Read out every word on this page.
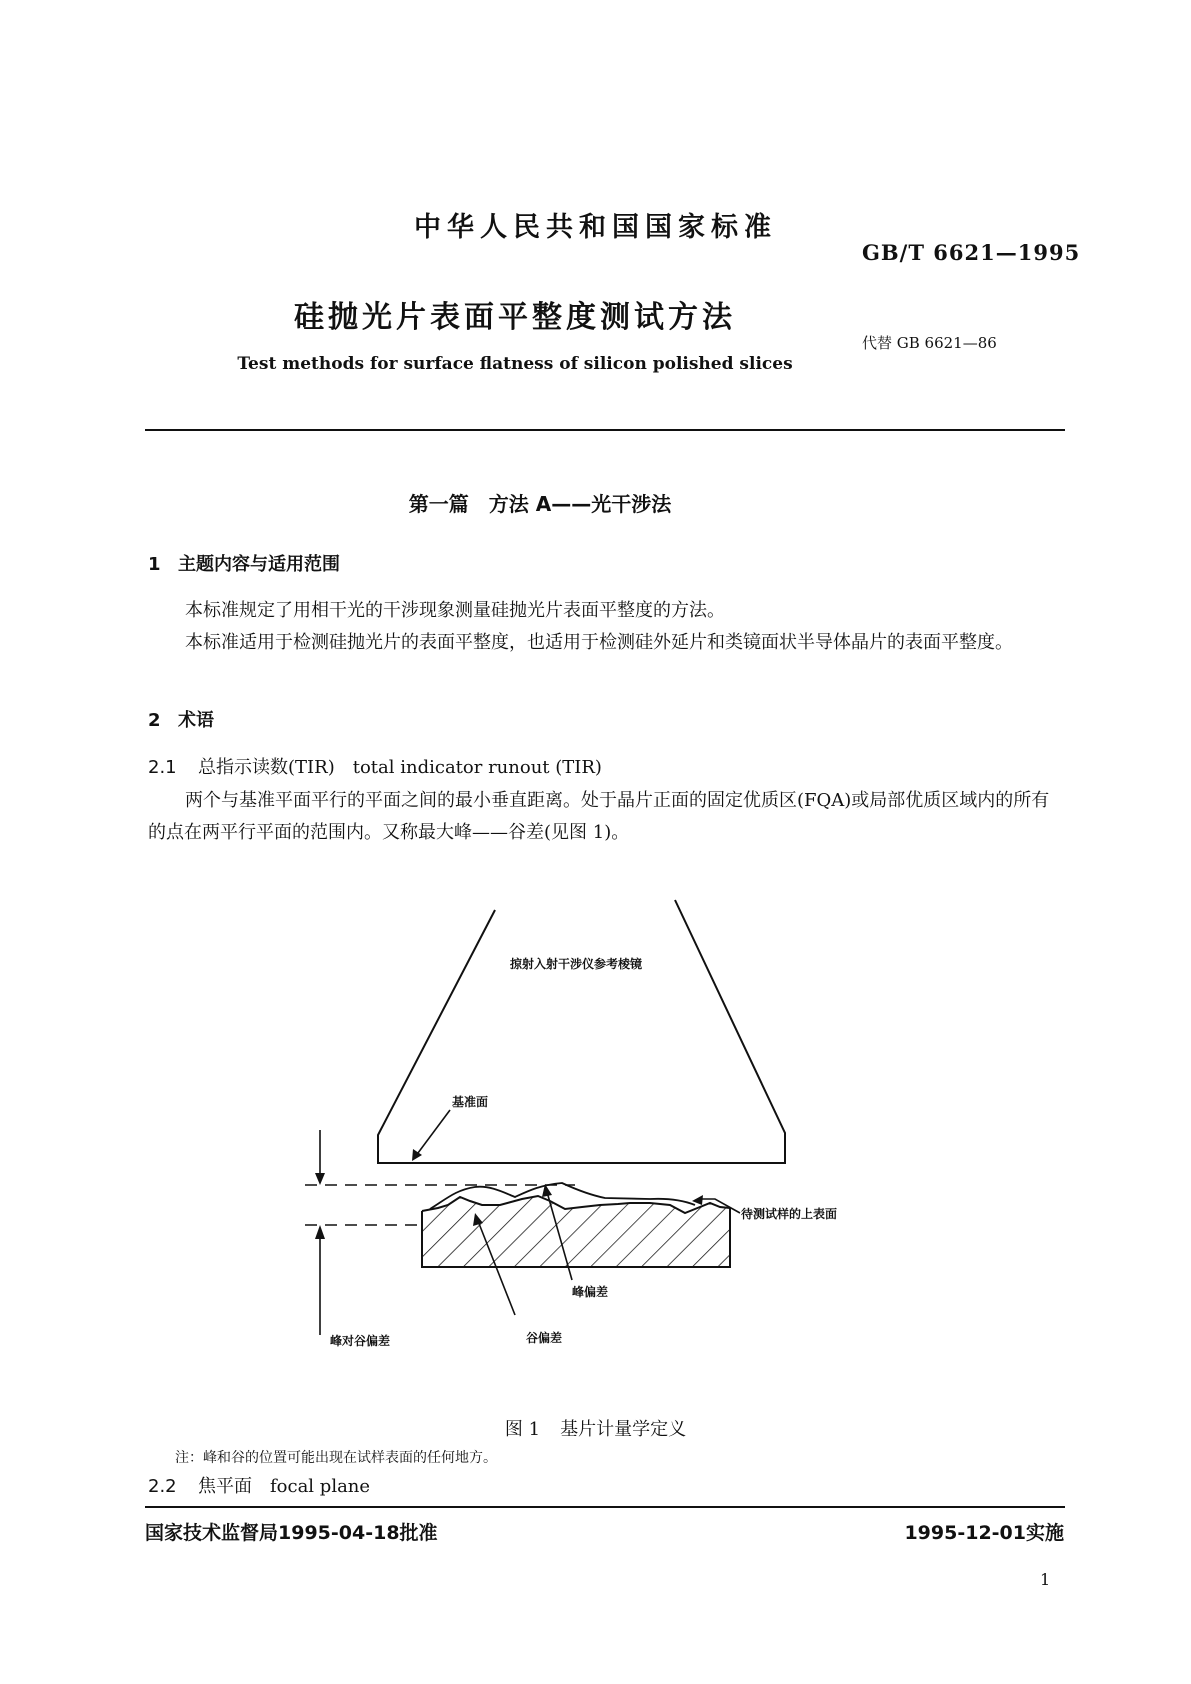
中华人民共和国国家标准
GB/T 6621—1995
硅抛光片表面平整度测试方法
代替 GB 6621—86
Test methods for surface flatness of silicon polished slices
第一篇　方法 A——光干涉法
1 主题内容与适用范围
本标准规定了用相干光的干涉现象测量硅抛光片表面平整度的方法。
本标准适用于检测硅抛光片的表面平整度，也适用于检测硅外延片和类镜面状半导体晶片的表面平整度。
2 术语
2.1 总指示读数(TIR) total indicator runout (TIR)
两个与基准平面平行的平面之间的最小垂直距离。处于晶片正面的固定优质区(FQA)或局部优质区域内的所有的点在两平行平面的范围内。又称最大峰——谷差(见图 1)。
掠射入射干涉仪参考棱镜
基准面
待测试样的上表面
峰偏差
谷偏差
峰对谷偏差
图 1 基片计量学定义
注：峰和谷的位置可能出现在试样表面的任何地方。
2.2 焦平面 focal plane
国家技术监督局1995-04-18批准	1995-12-01实施
1
